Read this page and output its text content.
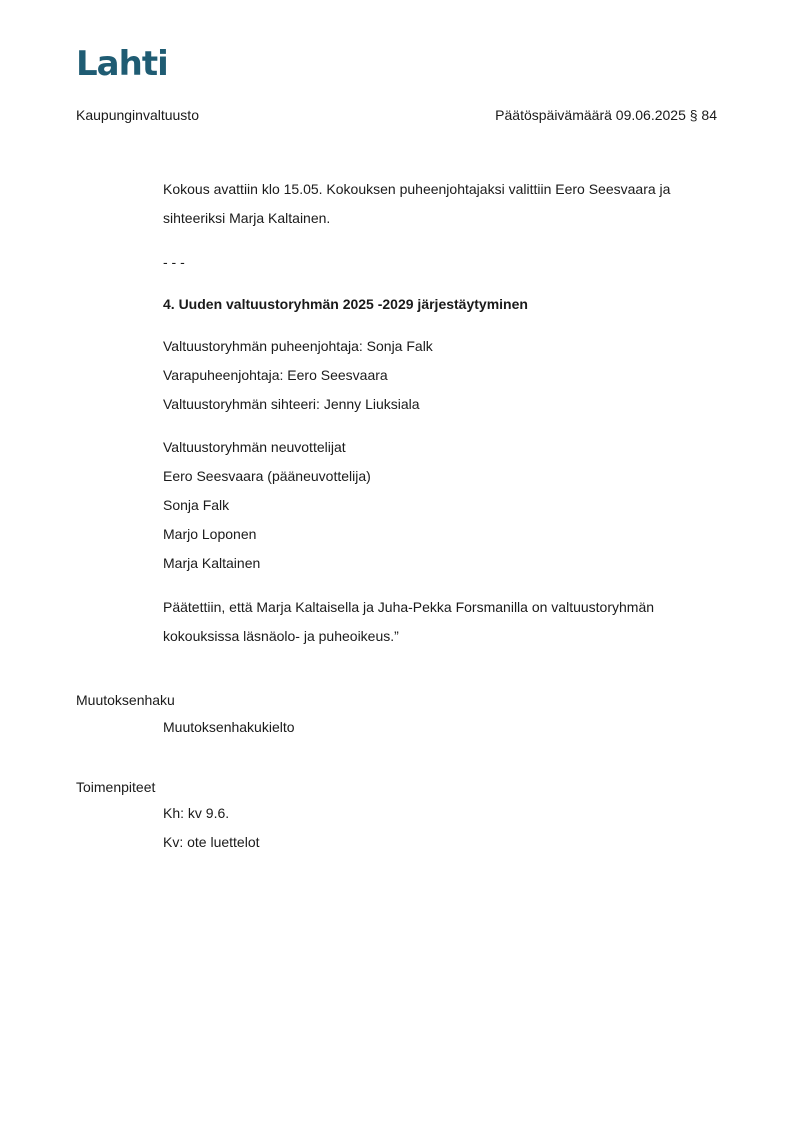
Lahti
Kaupunginvaltuusto	Päätöspäivämäärä 09.06.2025 § 84
Kokous avattiin klo 15.05. Kokouksen puheenjohtajaksi valittiin Eero Seesvaara ja
sihteeriksi Marja Kaltainen.
- - -
4. Uuden valtuustoryhmän 2025 -2029 järjestäytyminen
Valtuustoryhmän puheenjohtaja: Sonja Falk
Varapuheenjohtaja: Eero Seesvaara
Valtuustoryhmän sihteeri: Jenny Liuksiala
Valtuustoryhmän neuvottelijat
Eero Seesvaara (pääneuvottelija)
Sonja Falk
Marjo Loponen
Marja Kaltainen
Päätettiin, että Marja Kaltaisella ja Juha-Pekka Forsmanilla on valtuustoryhmän
kokouksissa läsnäolo- ja puheoikeus.”
Muutoksenhaku
Muutoksenhakukielto
Toimenpiteet
Kh: kv 9.6.
Kv: ote luettelot
